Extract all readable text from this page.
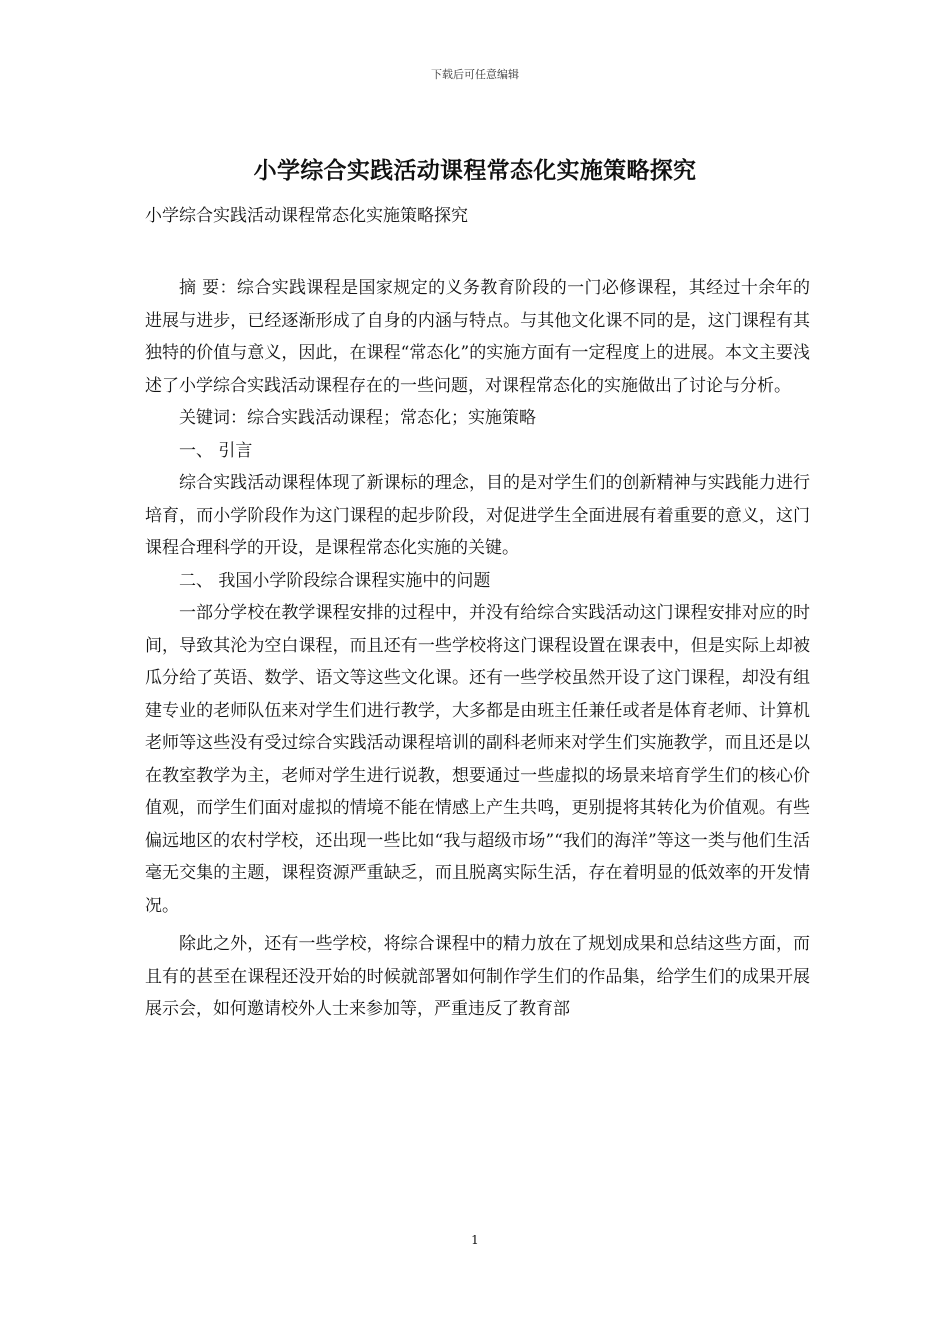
下载后可任意编辑
小学综合实践活动课程常态化实施策略探究
小学综合实践活动课程常态化实施策略探究

摘 要：综合实践课程是国家规定的义务教育阶段的一门必修课程，其经过十余年的进展与进步，已经逐渐形成了自身的内涵与特点。与其他文化课不同的是，这门课程有其独特的价值与意义，因此，在课程“常态化”的实施方面有一定程度上的进展。本文主要浅述了小学综合实践活动课程存在的一些问题，对课程常态化的实施做出了讨论与分析。

关键词：综合实践活动课程；常态化；实施策略

一、 引言

综合实践活动课程体现了新课标的理念，目的是对学生们的创新精神与实践能力进行培育，而小学阶段作为这门课程的起步阶段，对促进学生全面进展有着重要的意义，这门课程合理科学的开设，是课程常态化实施的关键。

二、 我国小学阶段综合课程实施中的问题

一部分学校在教学课程安排的过程中，并没有给综合实践活动这门课程安排对应的时间，导致其沦为空白课程，而且还有一些学校将这门课程设置在课表中，但是实际上却被瓜分给了英语、数学、语文等这些文化课。还有一些学校虽然开设了这门课程，却没有组建专业的老师队伍来对学生们进行教学，大多都是由班主任兼任或者是体育老师、计算机老师等这些没有受过综合实践活动课程培训的副科老师来对学生们实施教学，而且还是以在教室教学为主，老师对学生进行说教，想要通过一些虚拟的场景来培育学生们的核心价值观，而学生们面对虚拟的情境不能在情感上产生共鸣，更别提将其转化为价值观。有些偏远地区的农村学校，还出现一些比如“我与超级市场”“我们的海洋”等这一类与他们生活毫无交集的主题，课程资源严重缺乏，而且脱离实际生活，存在着明显的低效率的开发情况。

除此之外，还有一些学校，将综合课程中的精力放在了规划成果和总结这些方面，而且有的甚至在课程还没开始的时候就部署如何制作学生们的作品集，给学生们的成果开展展示会，如何邀请校外人士来参加等，严重违反了教育部

1
